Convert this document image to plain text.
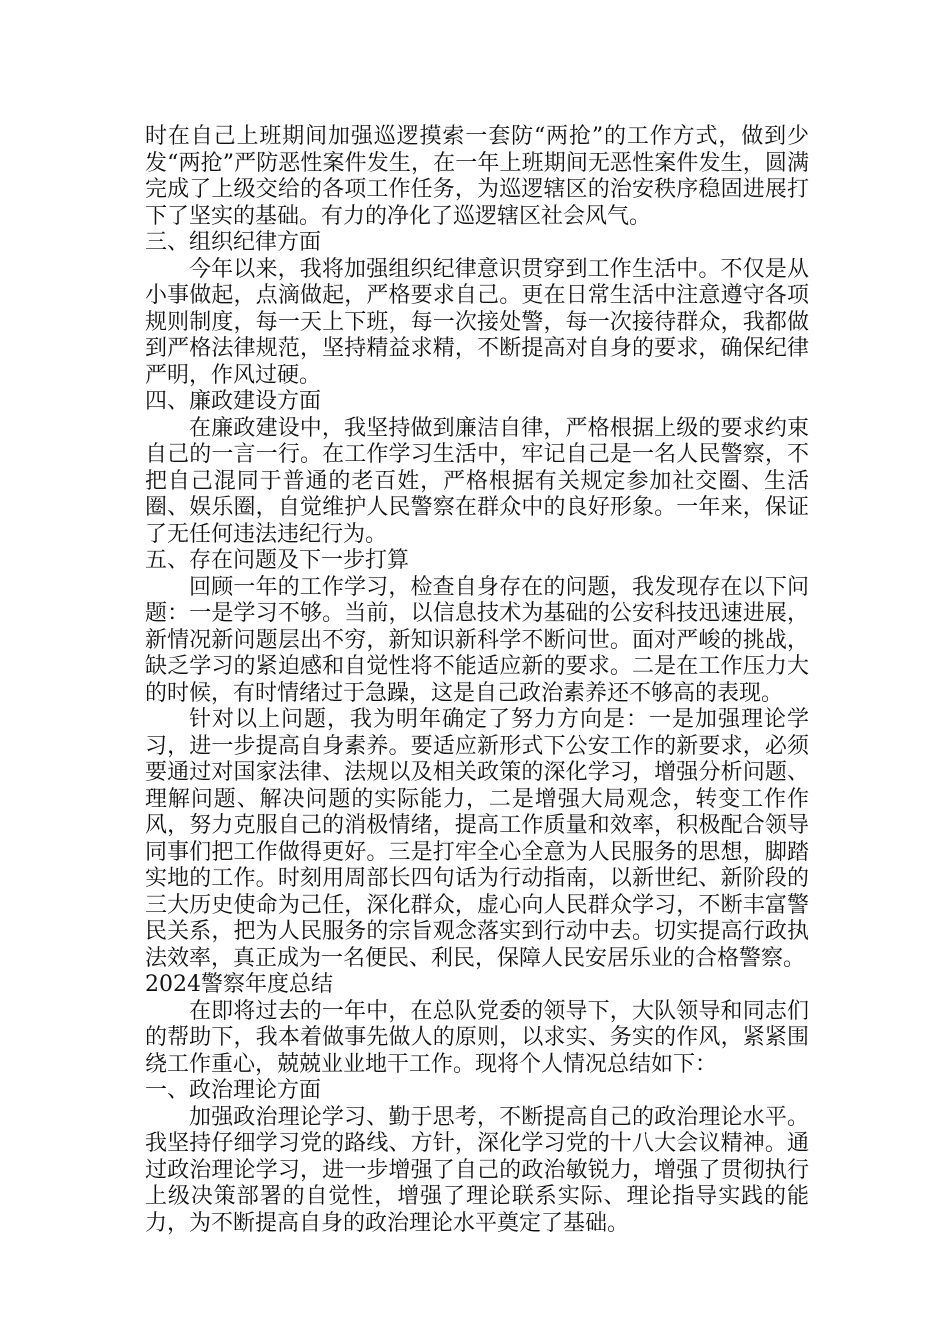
时在自己上班期间加强巡逻摸索一套防“两抢”的工作方式，做到少发“两抢”严防恶性案件发生，在一年上班期间无恶性案件发生，圆满完成了上级交给的各项工作任务，为巡逻辖区的治安秩序稳固进展打下了坚实的基础。有力的净化了巡逻辖区社会风气。

三、组织纪律方面

今年以来，我将加强组织纪律意识贯穿到工作生活中。不仅是从小事做起，点滴做起，严格要求自己。更在日常生活中注意遵守各项规则制度，每一天上下班，每一次接处警，每一次接待群众，我都做到严格法律规范，坚持精益求精，不断提高对自身的要求，确保纪律严明，作风过硬。

四、廉政建设方面

在廉政建设中，我坚持做到廉洁自律，严格根据上级的要求约束自己的一言一行。在工作学习生活中，牢记自己是一名人民警察，不把自己混同于普通的老百姓，严格根据有关规定参加社交圈、生活圈、娱乐圈，自觉维护人民警察在群众中的良好形象。一年来，保证了无任何违法违纪行为。

五、存在问题及下一步打算

回顾一年的工作学习，检查自身存在的问题，我发现存在以下问题：一是学习不够。当前，以信息技术为基础的公安科技迅速进展，新情况新问题层出不穷，新知识新科学不断问世。面对严峻的挑战，缺乏学习的紧迫感和自觉性将不能适应新的要求。二是在工作压力大的时候，有时情绪过于急躁，这是自己政治素养还不够高的表现。

针对以上问题，我为明年确定了努力方向是：一是加强理论学习，进一步提高自身素养。要适应新形式下公安工作的新要求，必须要通过对国家法律、法规以及相关政策的深化学习，增强分析问题、理解问题、解决问题的实际能力，二是增强大局观念，转变工作作风，努力克服自己的消极情绪，提高工作质量和效率，积极配合领导同事们把工作做得更好。三是打牢全心全意为人民服务的思想，脚踏实地的工作。时刻用周部长四句话为行动指南，以新世纪、新阶段的三大历史使命为己任，深化群众，虚心向人民群众学习，不断丰富警民关系，把为人民服务的宗旨观念落实到行动中去。切实提高行政执法效率，真正成为一名便民、利民，保障人民安居乐业的合格警察。

2024警察年度总结

在即将过去的一年中，在总队党委的领导下，大队领导和同志们的帮助下，我本着做事先做人的原则，以求实、务实的作风，紧紧围绕工作重心，兢兢业业地干工作。现将个人情况总结如下：

一、政治理论方面

加强政治理论学习、勤于思考，不断提高自己的政治理论水平。我坚持仔细学习党的路线、方针，深化学习党的十八大会议精神。通过政治理论学习，进一步增强了自己的政治敏锐力，增强了贯彻执行上级决策部署的自觉性，增强了理论联系实际、理论指导实践的能力，为不断提高自身的政治理论水平奠定了基础。
